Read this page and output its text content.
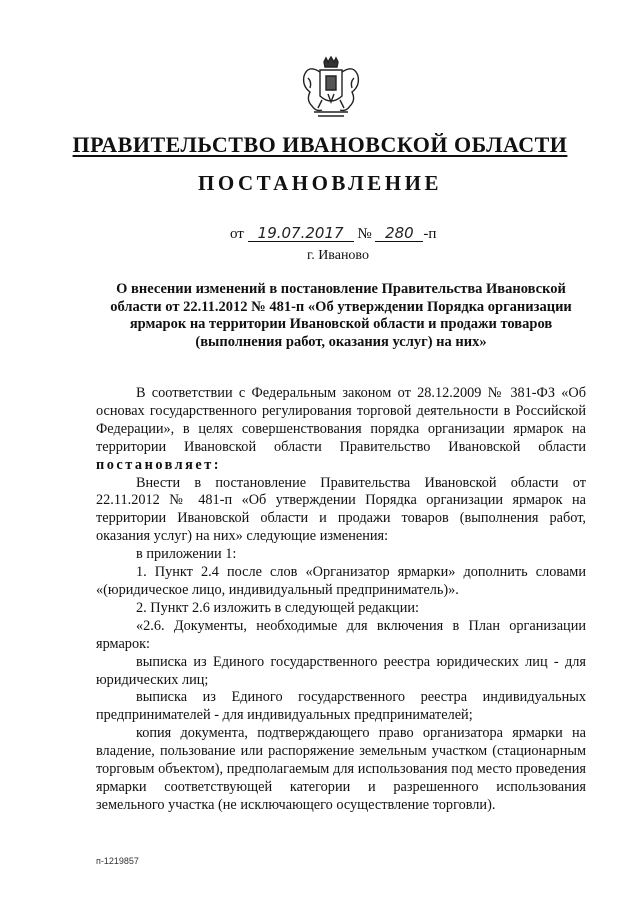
ПРАВИТЕЛЬСТВО ИВАНОВСКОЙ ОБЛАСТИ
ПОСТАНОВЛЕНИЕ
от 19.07.2017 № 280 -п
г. Иваново
О внесении изменений в постановление Правительства Ивановской области от 22.11.2012 № 481-п «Об утверждении Порядка организации ярмарок на территории Ивановской области и продажи товаров (выполнения работ, оказания услуг) на них»

В соответствии с Федеральным законом от 28.12.2009 № 381-ФЗ «Об основах государственного регулирования торговой деятельности в Российской Федерации», в целях совершенствования порядка организации ярмарок на территории Ивановской области Правительство Ивановской области постановляет:

Внести в постановление Правительства Ивановской области от 22.11.2012 № 481-п «Об утверждении Порядка организации ярмарок на территории Ивановской области и продажи товаров (выполнения работ, оказания услуг) на них» следующие изменения:

в приложении 1:

1. Пункт 2.4 после слов «Организатор ярмарки» дополнить словами «(юридическое лицо, индивидуальный предприниматель)».

2. Пункт 2.6 изложить в следующей редакции:

«2.6. Документы, необходимые для включения в План организации ярмарок:

выписка из Единого государственного реестра юридических лиц - для юридических лиц;

выписка из Единого государственного реестра индивидуальных предпринимателей - для индивидуальных предпринимателей;

копия документа, подтверждающего право организатора ярмарки на владение, пользование или распоряжение земельным участком (стационарным торговым объектом), предполагаемым для использования под место проведения ярмарки соответствующей категории и разрешенного использования земельного участка (не исключающего осуществление торговли).

п-1219857
